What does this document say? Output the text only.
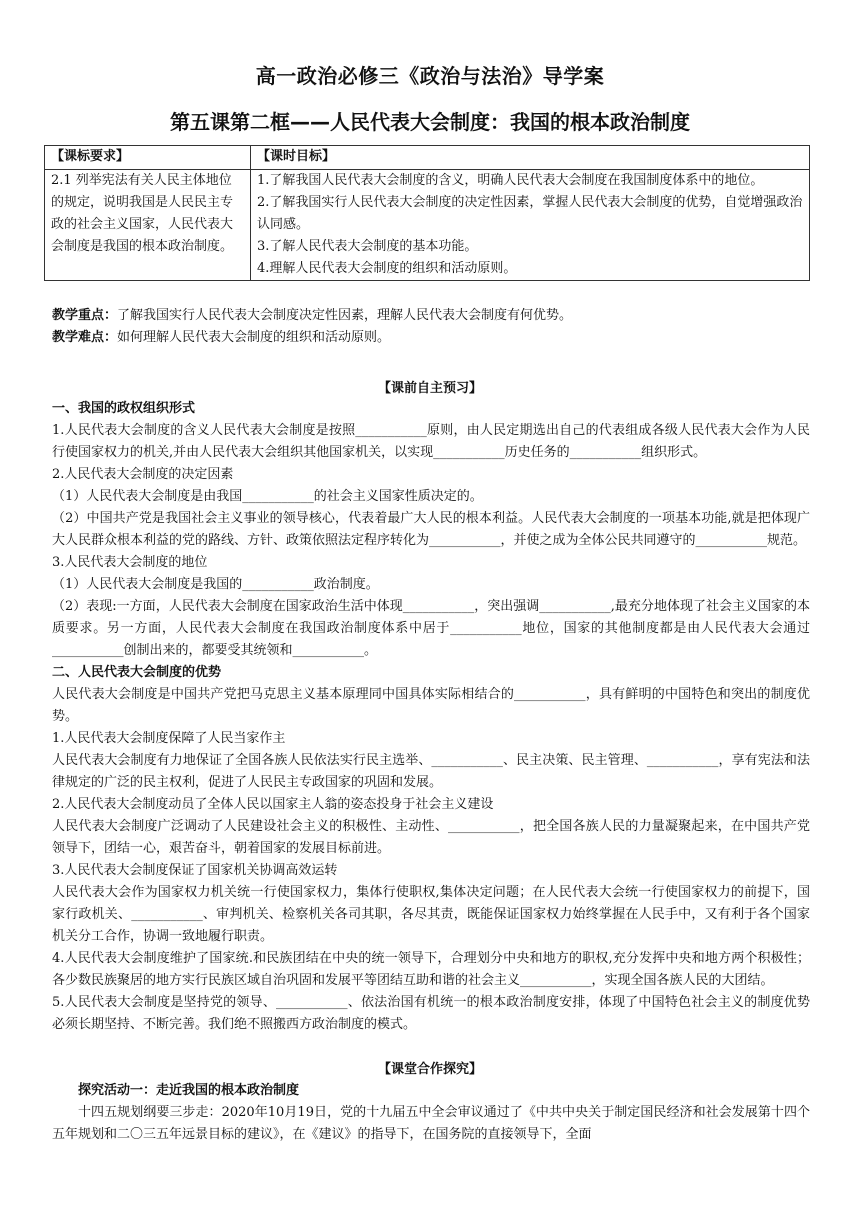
高一政治必修三《政治与法治》导学案
第五课第二框——人民代表大会制度：我国的根本政治制度
【课标要求】	【课时目标】
2.1 列举宪法有关人民主体地位的规定，说明我国是人民民主专政的社会主义国家，人民代表大会制度是我国的根本政治制度。	1.了解我国人民代表大会制度的含义，明确人民代表大会制度在我国制度体系中的地位。
2.了解我国实行人民代表大会制度的决定性因素，掌握人民代表大会制度的优势，自觉增强政治认同感。
3.了解人民代表大会制度的基本功能。
4.理解人民代表大会制度的组织和活动原则。

教学重点：了解我国实行人民代表大会制度决定性因素，理解人民代表大会制度有何优势。

教学难点：如何理解人民代表大会制度的组织和活动原则。

【课前自主预习】

一、我国的政权组织形式

1.人民代表大会制度的含义人民代表大会制度是按照___________原则，由人民定期选出自己的代表组成各级人民代表大会作为人民行使国家权力的机关,并由人民代表大会组织其他国家机关，以实现___________历史任务的___________组织形式。

2.人民代表大会制度的决定因素

（1）人民代表大会制度是由我国___________的社会主义国家性质决定的。

（2）中国共产党是我国社会主义事业的领导核心，代表着最广大人民的根本利益。人民代表大会制度的一项基本功能,就是把体现广大人民群众根本利益的党的路线、方针、政策依照法定程序转化为___________，并使之成为全体公民共同遵守的___________规范。

3.人民代表大会制度的地位

（1）人民代表大会制度是我国的___________政治制度。

（2）表现:一方面，人民代表大会制度在国家政治生活中体现___________，突出强调___________,最充分地体现了社会主义国家的本质要求。另一方面，人民代表大会制度在我国政治制度体系中居于___________地位，国家的其他制度都是由人民代表大会通过___________创制出来的，都要受其统领和___________。

二、人民代表大会制度的优势

人民代表大会制度是中国共产党把马克思主义基本原理同中国具体实际相结合的___________，具有鲜明的中国特色和突出的制度优势。

1.人民代表大会制度保障了人民当家作主

人民代表大会制度有力地保证了全国各族人民依法实行民主选举、___________、民主决策、民主管理、___________，享有宪法和法律规定的广泛的民主权利，促进了人民民主专政国家的巩固和发展。

2.人民代表大会制度动员了全体人民以国家主人翁的姿态投身于社会主义建设

人民代表大会制度广泛调动了人民建设社会主义的积极性、主动性、___________，把全国各族人民的力量凝聚起来，在中国共产党领导下，团结一心，艰苦奋斗，朝着国家的发展目标前进。

3.人民代表大会制度保证了国家机关协调高效运转

人民代表大会作为国家权力机关统一行使国家权力，集体行使职权,集体决定问题；在人民代表大会统一行使国家权力的前提下，国家行政机关、___________、审判机关、检察机关各司其职，各尽其责，既能保证国家权力始终掌握在人民手中，又有利于各个国家机关分工合作，协调一致地履行职责。

4.人民代表大会制度维护了国家统.和民族团结在中央的统一领导下，合理划分中央和地方的职权,充分发挥中央和地方两个积极性；各少数民族聚居的地方实行民族区域自治巩固和发展平等团结互助和谐的社会主义___________，实现全国各族人民的大团结。

5.人民代表大会制度是坚持党的领导、___________、依法治国有机统一的根本政治制度安排，体现了中国特色社会主义的制度优势必须长期坚持、不断完善。我们绝不照搬西方政治制度的模式。

【课堂合作探究】

探究活动一：走近我国的根本政治制度

十四五规划纲要三步走：2020年10月19日，党的十九届五中全会审议通过了《中共中央关于制定国民经济和社会发展第十四个五年规划和二〇三五年远景目标的建议》，在《建议》的指导下，在国务院的直接领导下，全面
